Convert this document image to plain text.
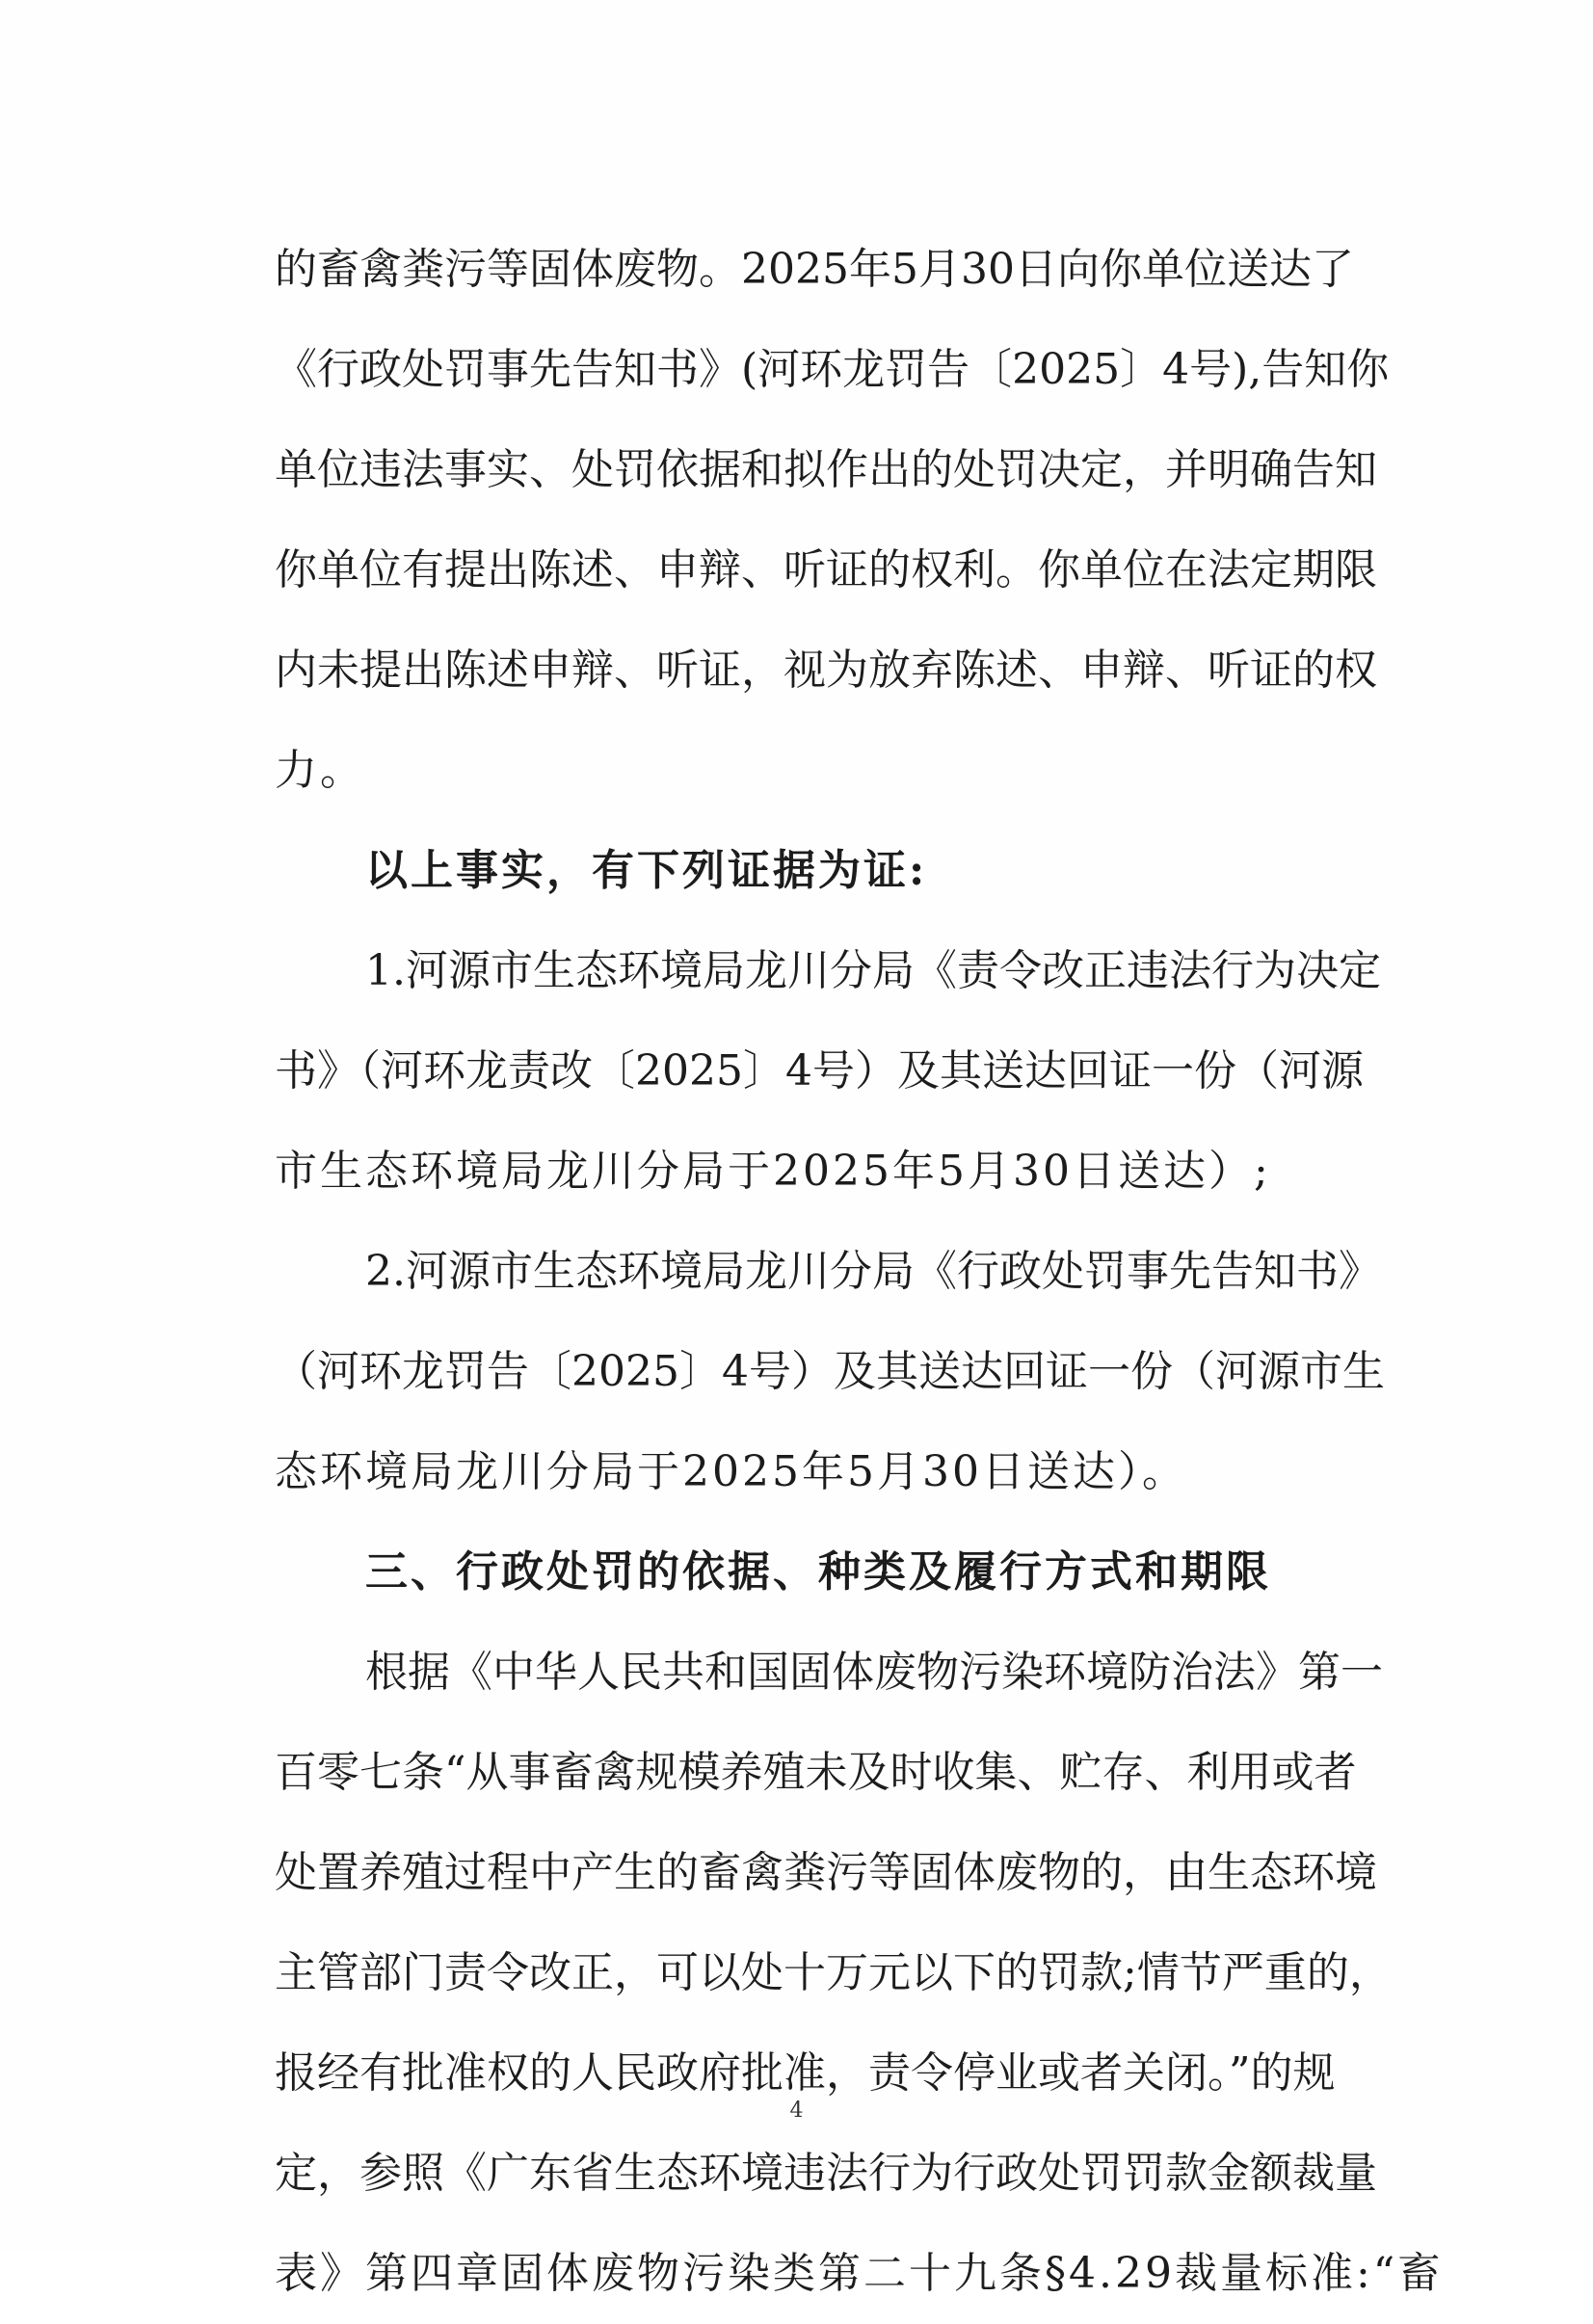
的畜禽粪污等固体废物。2025年5月30日向你单位送达了
《行政处罚事先告知书》(河环龙罚告〔2025〕4号),告知你
单位违法事实、处罚依据和拟作出的处罚决定，并明确告知
你单位有提出陈述、申辩、听证的权利。你单位在法定期限
内未提出陈述申辩、听证，视为放弃陈述、申辩、听证的权
力。
以上事实，有下列证据为证:
1.河源市生态环境局龙川分局《责令改正违法行为决定
书》（河环龙责改〔2025〕4号）及其送达回证一份（河源
市生态环境局龙川分局于2025年5月30日送达）;
2.河源市生态环境局龙川分局《行政处罚事先告知书》
（河环龙罚告〔2025〕4号）及其送达回证一份（河源市生
态环境局龙川分局于2025年5月30日送达）。
三、行政处罚的依据、种类及履行方式和期限
根据《中华人民共和国固体废物污染环境防治法》第一
百零七条“从事畜禽规模养殖未及时收集、贮存、利用或者
处置养殖过程中产生的畜禽粪污等固体废物的，由生态环境
主管部门责令改正，可以处十万元以下的罚款;情节严重的，
报经有批准权的人民政府批准，责令停业或者关闭。”的规
定，参照《广东省生态环境违法行为行政处罚罚款金额裁量
表》第四章固体废物污染类第二十九条§4.29裁量标准:“畜
4
